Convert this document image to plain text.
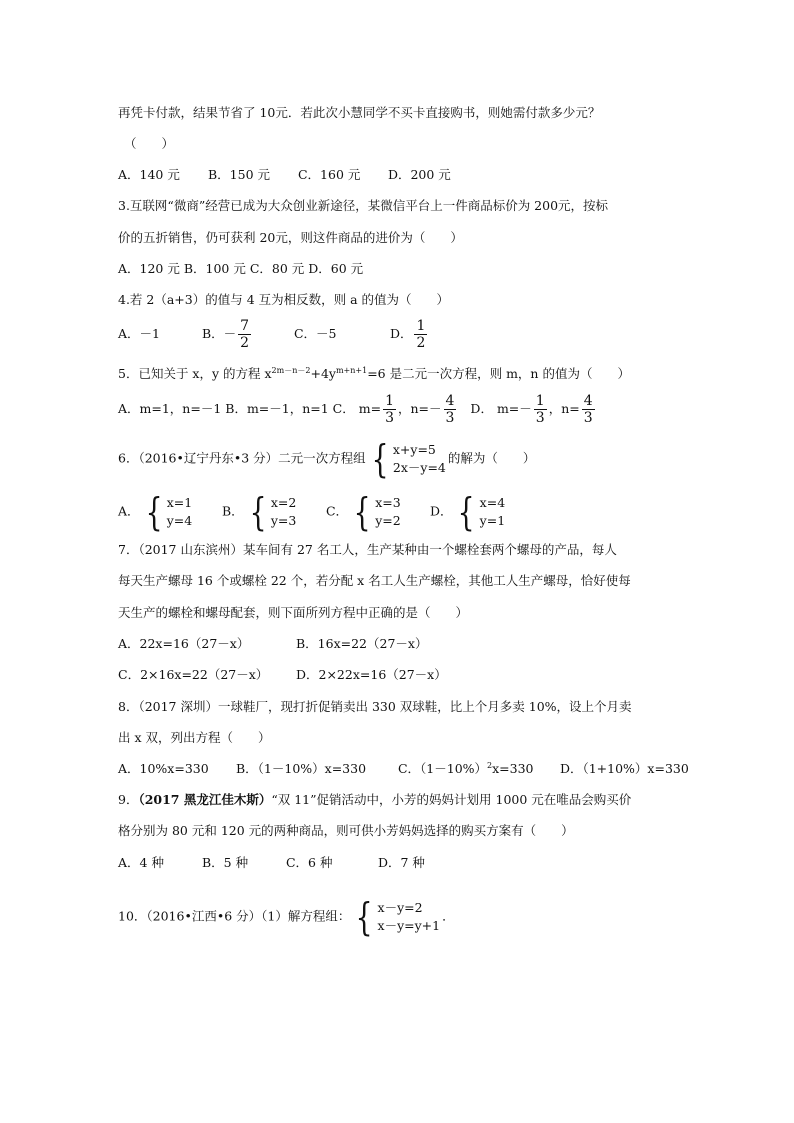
再凭卡付款，结果节省了 10元．若此次小慧同学不买卡直接购书，则她需付款多少元？
（　　）
A．140 元 B．150 元 C．160 元 D．200 元
3.互联网“微商”经营已成为大众创业新途径，某微信平台上一件商品标价为 200元，按标
价的五折销售，仍可获利 20元，则这件商品的进价为（　　）
A．120 元 B．100 元 C．80 元 D．60 元
4.若 2（a+3）的值与 4 互为相反数，则 a 的值为（　　）
A．－1	B．－ $\frac{7}{2}$	C．－5	D． $\frac{1}{2}$
5．已知关于 x，y 的方程 $x^{2m-n-2}+4y^{m+n+1}=6$ 是二元一次方程，则 m，n 的值为（　　）
A．m=1，n=－1 B．m=－1，n=1 C． $m= \frac{1}{3}$ ，$n=- \frac{4}{3}$ D． $m=- \frac{1}{3}$ ，$n= \frac{4}{3}$
6．（2016•辽宁丹东•3 分）二元一次方程组 { x+y=5
2x－y=4
的解为（　　）
A． { x=1
y=4
B． { x=2
y=3
C． { x=3
y=2
D． { x=4
y=1
7．（2017 山东滨州）某车间有 27 名工人，生产某种由一个螺栓套两个螺母的产品，每人
每天生产螺母 16 个或螺栓 22 个，若分配 x 名工人生产螺栓，其他工人生产螺母，恰好使每
天生产的螺栓和螺母配套，则下面所列方程中正确的是（　　）
A．22x=16（27－x）	B．16x=22（27－x）
C．2×16x=22（27－x） D．2×22x=16（27－x）
8．（2017 深圳）一球鞋厂，现打折促销卖出 330 双球鞋，比上个月多卖 10%，设上个月卖
出 x 双，列出方程（　　）
A．10%x=330 B．（1－10%）x=330	C．$(1-10\%)^2x=330$ D．（1+10%）x=330
9．（2017 黑龙江佳木斯）“双 11”促销活动中，小芳的妈妈计划用 1000 元在唯品会购买价
格分别为 80 元和 120 元的两种商品，则可供小芳妈妈选择的购买方案有（　　）
A．4 种	B．5 种	C．6 种	D．7 种
10．（2016•江西•6 分）（1）解方程组： { x－y=2
x－y=y+1
．
